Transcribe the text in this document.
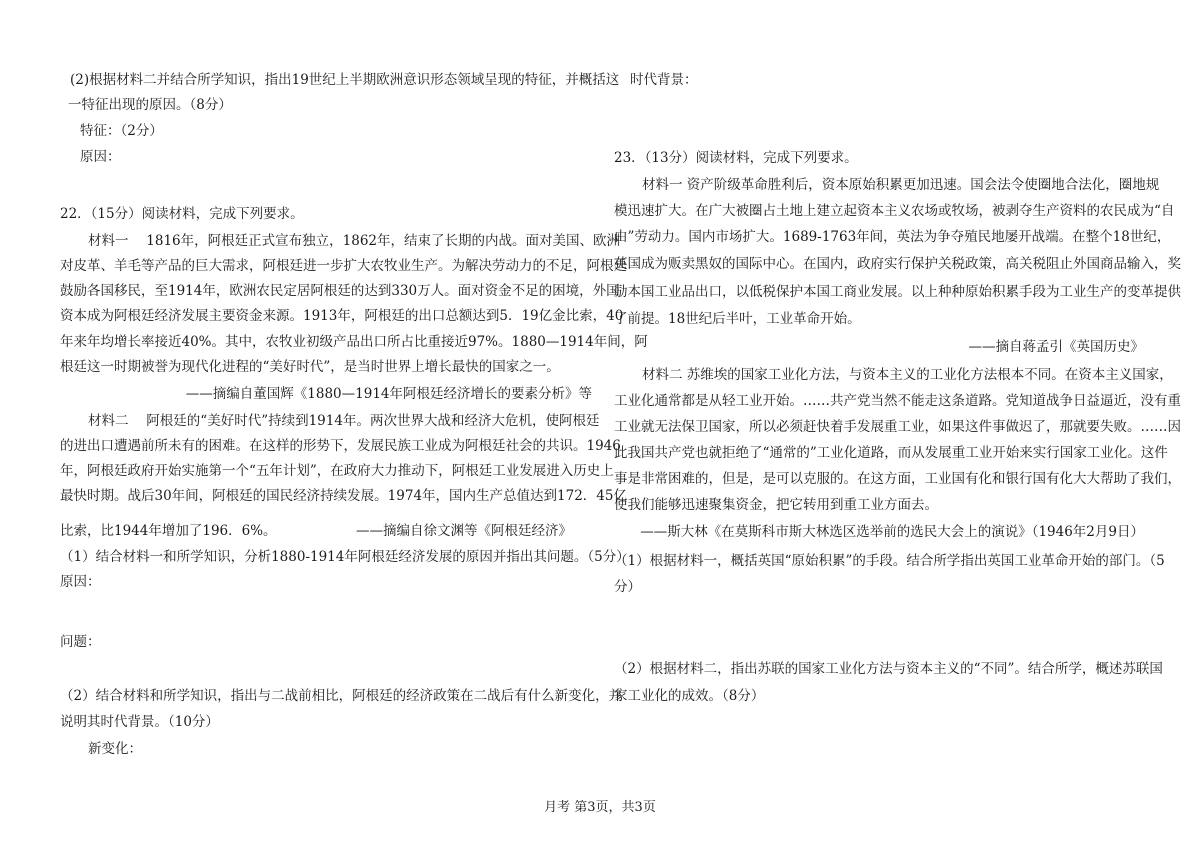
(2)根据材料二并结合所学知识，指出19世纪上半期欧洲意识形态领域呈现的特征，并概括这
一特征出现的原因。（8分）
特征：（2分）
原因：
22．（15分）阅读材料，完成下列要求。
材料一　 1816年，阿根廷正式宣布独立，1862年，结束了长期的内战。面对美国、欧洲
对皮革、羊毛等产品的巨大需求，阿根廷进一步扩大农牧业生产。为解决劳动力的不足，阿根廷
鼓励各国移民，至1914年，欧洲农民定居阿根廷的达到330万人。面对资金不足的困境，外国
资本成为阿根廷经济发展主要资金来源。1913年，阿根廷的出口总额达到5．19亿金比索，40
年来年均增长率接近40%。其中，农牧业初级产品出口所占比重接近97%。1880—1914年间，阿
根廷这一时期被誉为现代化进程的“美好时代”，是当时世界上增长最快的国家之一。
——摘编自董国辉《1880—1914年阿根廷经济增长的要素分析》等
材料二　 阿根廷的“美好时代”持续到1914年。两次世界大战和经济大危机，使阿根廷
的进出口遭遇前所未有的困难。在这样的形势下，发展民族工业成为阿根廷社会的共识。1946
年，阿根廷政府开始实施第一个“五年计划”，在政府大力推动下，阿根廷工业发展进入历史上
最快时期。战后30年间，阿根廷的国民经济持续发展。1974年，国内生产总值达到172．45亿
比索，比1944年增加了196．6%。	——摘编自徐文渊等《阿根廷经济》
（1）结合材料一和所学知识，分析1880-1914年阿根廷经济发展的原因并指出其问题。（5分）
原因：
问题：
（2）结合材料和所学知识，指出与二战前相比，阿根廷的经济政策在二战后有什么新变化，并
说明其时代背景。（10分）
新变化：
时代背景：
23．（13分）阅读材料，完成下列要求。
材料一 资产阶级革命胜利后，资本原始积累更加迅速。国会法令使圈地合法化，圈地规
模迅速扩大。在广大被圈占土地上建立起资本主义农场或牧场，被剥夺生产资料的农民成为“自
由”劳动力。国内市场扩大。1689-1763年间，英法为争夺殖民地屡开战端。在整个18世纪，
英国成为贩卖黑奴的国际中心。在国内，政府实行保护关税政策，高关税阻止外国商品输入，奖
励本国工业品出口，以低税保护本国工商业发展。以上种种原始积累手段为工业生产的变革提供
了前提。18世纪后半叶，工业革命开始。
——摘自蒋孟引《英国历史》
材料二 苏维埃的国家工业化方法，与资本主义的工业化方法根本不同。在资本主义国家，
工业化通常都是从轻工业开始。……共产党当然不能走这条道路。党知道战争日益逼近，没有重
工业就无法保卫国家，所以必须赶快着手发展重工业，如果这件事做迟了，那就要失败。……因
此我国共产党也就拒绝了“通常的”工业化道路，而从发展重工业开始来实行国家工业化。这件
事是非常困难的，但是，是可以克服的。在这方面，工业国有化和银行国有化大大帮助了我们，
使我们能够迅速聚集资金，把它转用到重工业方面去。
——斯大林《在莫斯科市斯大林选区选举前的选民大会上的演说》（1946年2月9日）
（1）根据材料一，概括英国“原始积累”的手段。结合所学指出英国工业革命开始的部门。（5
分）
（2）根据材料二，指出苏联的国家工业化方法与资本主义的“不同”。结合所学，概述苏联国
家工业化的成效。（8分）
月考 第3页，共3页
